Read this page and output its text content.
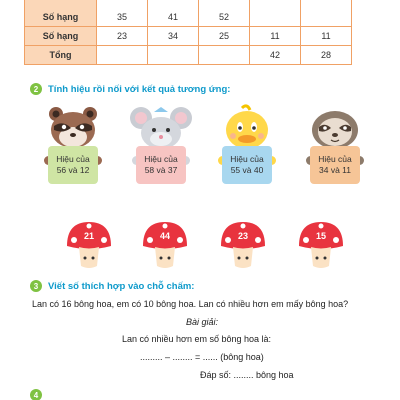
Số hạng	35	41	52		
Số hạng	23	34	25	11	11
Tổng				42	28
2	Tính hiệu rồi nối với kết quả tương ứng:
Hiệu của
56 và 12
Hiệu của
58 và 37
Hiệu của
55 và 40
Hiệu của
34 và 11
21	44	23	15
3	Viết số thích hợp vào chỗ chấm:
Lan có 16 bông hoa, em có 10 bông hoa. Lan có nhiều hơn em mấy bông hoa?
Bài giải:
Lan có nhiều hơn em số bông hoa là:
......... – ........ = ...... (bông hoa)
Đáp số: ........ bông hoa
4
